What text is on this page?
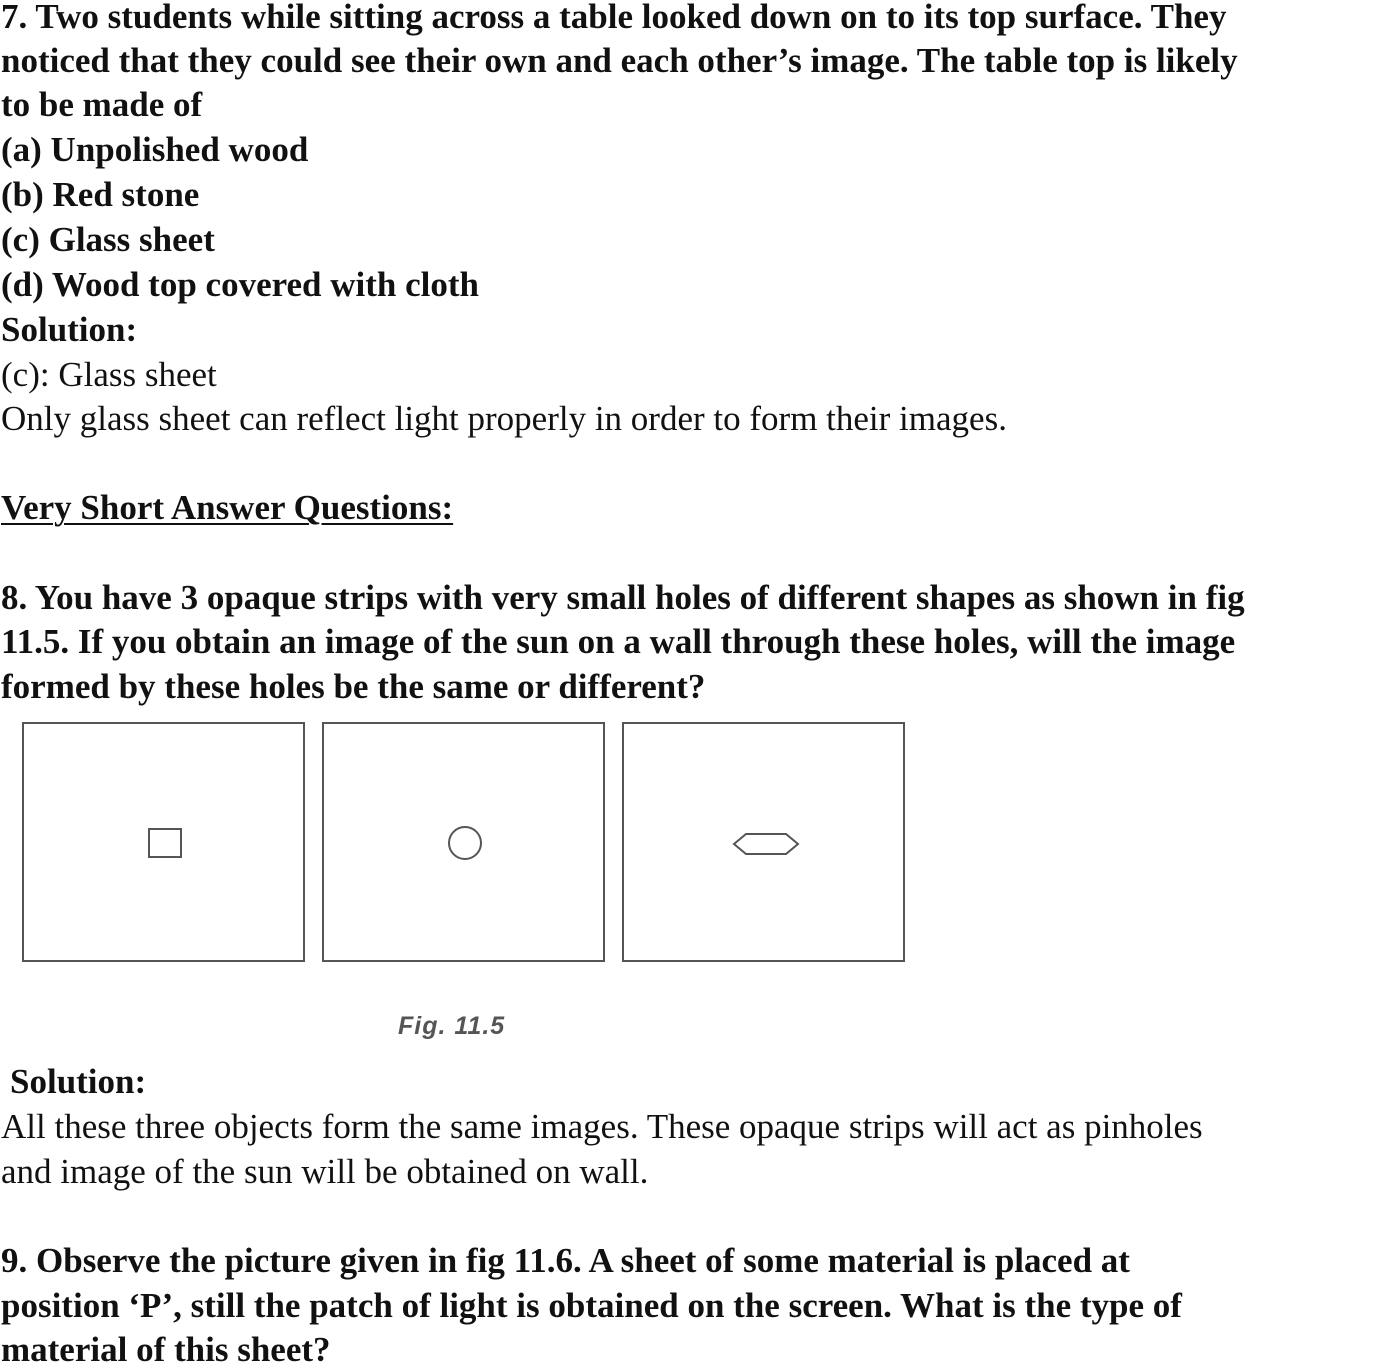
7. Two students while sitting across a table looked down on to its top surface. They

noticed that they could see their own and each other’s image. The table top is likely

to be made of

(a) Unpolished wood

(b) Red stone

(c) Glass sheet

(d) Wood top covered with cloth

Solution:

(c): Glass sheet

Only glass sheet can reflect light properly in order to form their images.

Very Short Answer Questions:

8. You have 3 opaque strips with very small holes of different shapes as shown in fig

11.5. If you obtain an image of the sun on a wall through these holes, will the image

formed by these holes be the same or different?

Fig. 11.5

Solution:

All these three objects form the same images. These opaque strips will act as pinholes

and image of the sun will be obtained on wall.

9. Observe the picture given in fig 11.6. A sheet of some material is placed at

position ‘P’, still the patch of light is obtained on the screen. What is the type of

material of this sheet?
